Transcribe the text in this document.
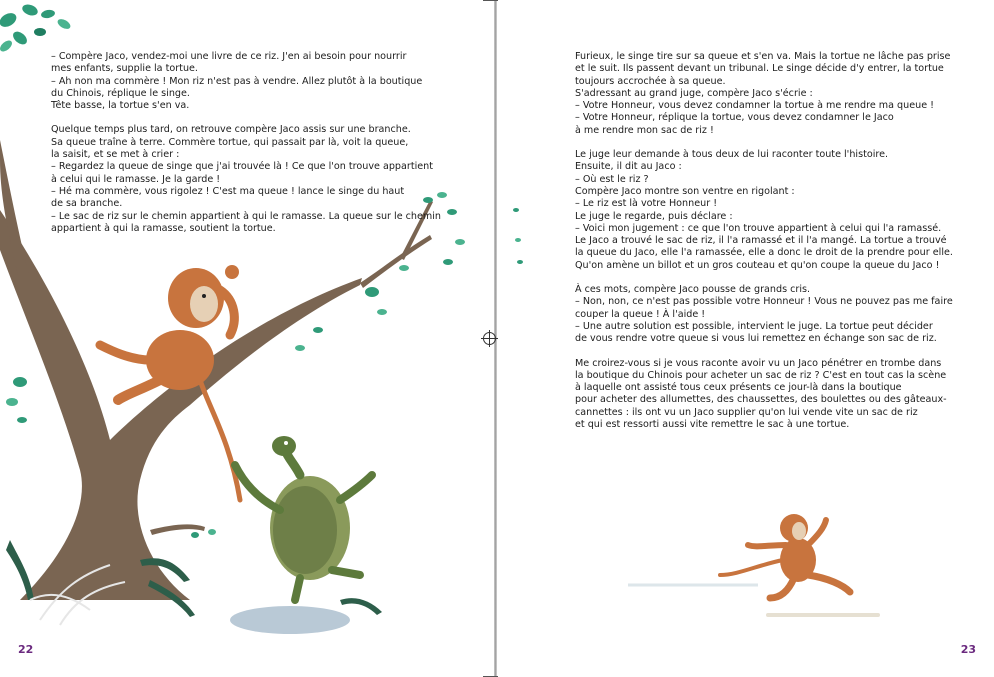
– Compère Jaco, vendez-moi une livre de ce riz. J'en ai besoin pour nourrir
mes enfants, supplie la tortue.
– Ah non ma commère ! Mon riz n'est pas à vendre. Allez plutôt à la boutique
du Chinois, réplique le singe.
Tête basse, la tortue s'en va.

Quelque temps plus tard, on retrouve compère Jaco assis sur une branche.
Sa queue traîne à terre. Commère tortue, qui passait par là, voit la queue,
la saisit, et se met à crier :
– Regardez la queue de singe que j'ai trouvée là ! Ce que l'on trouve appartient
à celui qui le ramasse. Je la garde !
– Hé ma commère, vous rigolez ! C'est ma queue ! lance le singe du haut
de sa branche.
– Le sac de riz sur le chemin appartient à qui le ramasse. La queue sur le chemin
appartient à qui la ramasse, soutient la tortue.

22

Furieux, le singe tire sur sa queue et s'en va. Mais la tortue ne lâche pas prise
et le suit. Ils passent devant un tribunal. Le singe décide d'y entrer, la tortue
toujours accrochée à sa queue.
S'adressant au grand juge, compère Jaco s'écrie :
– Votre Honneur, vous devez condamner la tortue à me rendre ma queue !
– Votre Honneur, réplique la tortue, vous devez condamner le Jaco
à me rendre mon sac de riz !

Le juge leur demande à tous deux de lui raconter toute l'histoire.
Ensuite, il dit au Jaco :
– Où est le riz ?
Compère Jaco montre son ventre en rigolant :
– Le riz est là votre Honneur !
Le juge le regarde, puis déclare :
– Voici mon jugement : ce que l'on trouve appartient à celui qui l'a ramassé.
Le Jaco a trouvé le sac de riz, il l'a ramassé et il l'a mangé. La tortue a trouvé
la queue du Jaco, elle l'a ramassée, elle a donc le droit de la prendre pour elle.
Qu'on amène un billot et un gros couteau et qu'on coupe la queue du Jaco !

À ces mots, compère Jaco pousse de grands cris.
– Non, non, ce n'est pas possible votre Honneur ! Vous ne pouvez pas me faire
couper la queue ! À l'aide !
– Une autre solution est possible, intervient le juge. La tortue peut décider
de vous rendre votre queue si vous lui remettez en échange son sac de riz.

Me croirez-vous si je vous raconte avoir vu un Jaco pénétrer en trombe dans
la boutique du Chinois pour acheter un sac de riz ? C'est en tout cas la scène
à laquelle ont assisté tous ceux présents ce jour-là dans la boutique
pour acheter des allumettes, des chaussettes, des boulettes ou des gâteaux-
cannettes : ils ont vu un Jaco supplier qu'on lui vende vite un sac de riz
et qui est ressorti aussi vite remettre le sac à une tortue.

23
